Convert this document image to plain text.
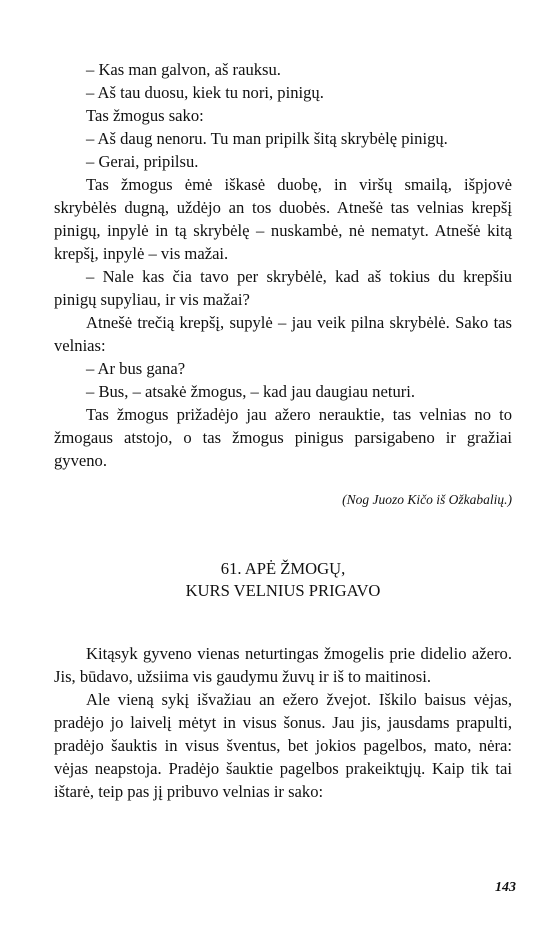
– Kas man galvon, aš rauksu.

– Aš tau duosu, kiek tu nori, pinigų.

Tas žmogus sako:

– Aš daug nenoru. Tu man pripilk šitą skrybėlę pinigų.

– Gerai, pripilsu.

Tas žmogus ėmė iškasė duobę, in viršų smailą, išpjovė skrybėlės dugną, uždėjo an tos duobės. Atnešė tas velnias krepšį pinigų, inpylė in tą skrybėlę – nuskambė, nė nematyt. Atnešė kitą krepšį, inpylė – vis mažai.

– Nale kas čia tavo per skrybėlė, kad aš tokius du krepšiu pinigų supyliau, ir vis mažai?

Atnešė trečią krepšį, supylė – jau veik pilna skrybėlė. Sako tas velnias:

– Ar bus gana?

– Bus, – atsakė žmogus, – kad jau daugiau neturi.

Tas žmogus prižadėjo jau ažero nerauktie, tas velnias no to žmogaus atstojo, o tas žmogus pinigus parsigabeno ir gražiai gyveno.

(Nog Juozo Kičo iš Ožkabalių.)

61. APĖ ŽMOGŲ,
KURS VELNIUS PRIGAVO

Kitąsyk gyveno vienas neturtingas žmogelis prie didelio ažero. Jis, būdavo, užsiima vis gaudymu žuvų ir iš to maitinosi.

Ale vieną sykį išvažiau an ežero žvejot. Iškilo baisus vėjas, pradėjo jo laivelį mėtyt in visus šonus. Jau jis, jausdams prapulti, pradėjo šauktis in visus šventus, bet jokios pagelbos, mato, nėra: vėjas neapstoja. Pradėjo šauktie pagelbos prakeiktųjų. Kaip tik tai ištarė, teip pas jį pribuvo velnias ir sako:

143
